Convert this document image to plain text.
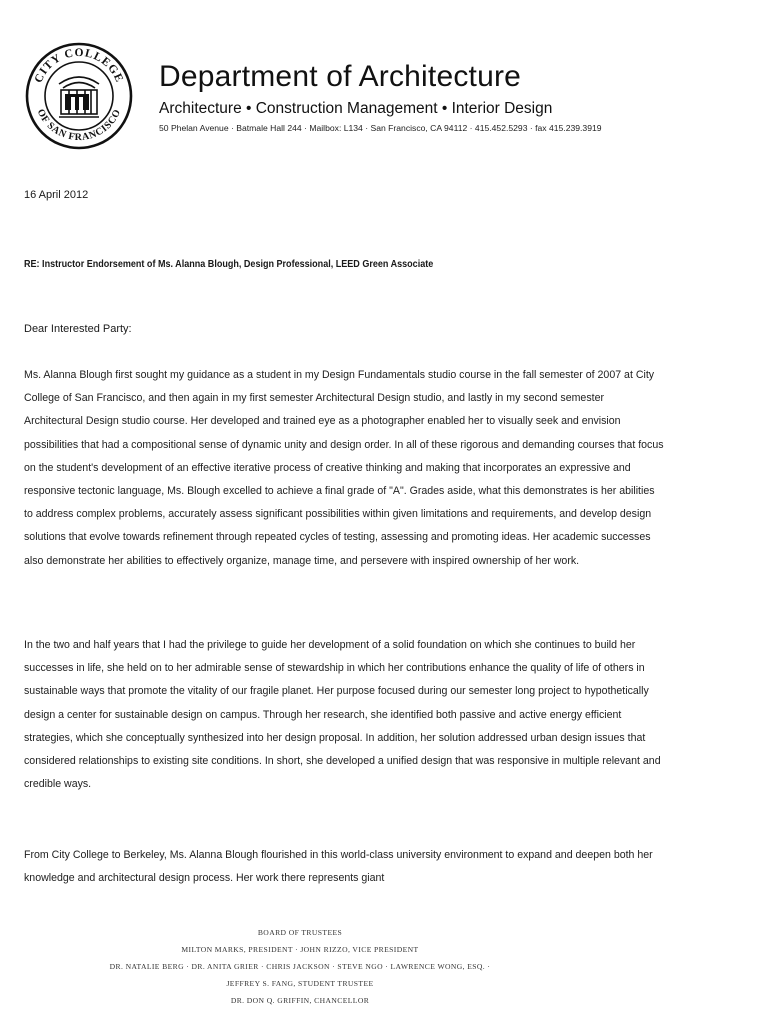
CITY COLLEGE
OF SAN FRANCISCO
Department of Architecture
Architecture • Construction Management • Interior Design
50 Phelan Avenue · Batmale Hall 244 · Mailbox: L134 · San Francisco, CA 94112 · 415.452.5293 · fax 415.239.3919
16 April 2012
RE: Instructor Endorsement of Ms. Alanna Blough, Design Professional, LEED Green Associate
Dear Interested Party:

Ms. Alanna Blough first sought my guidance as a student in my Design Fundamentals studio course in the fall semester of 2007 at City College of San Francisco, and then again in my first semester Architectural Design studio, and lastly in my second semester Architectural Design studio course. Her developed and trained eye as a photographer enabled her to visually seek and envision possibilities that had a compositional sense of dynamic unity and design order. In all of these rigorous and demanding courses that focus on the student's development of an effective iterative process of creative thinking and making that incorporates an expressive and responsive tectonic language, Ms. Blough excelled to achieve a final grade of "A". Grades aside, what this demonstrates is her abilities to address complex problems, accurately assess significant possibilities within given limitations and requirements, and develop design solutions that evolve towards refinement through repeated cycles of testing, assessing and promoting ideas. Her academic successes also demonstrate her abilities to effectively organize, manage time, and persevere with inspired ownership of her work.

In the two and half years that I had the privilege to guide her development of a solid foundation on which she continues to build her successes in life, she held on to her admirable sense of stewardship in which her contributions enhance the quality of life of others in sustainable ways that promote the vitality of our fragile planet. Her purpose focused during our semester long project to hypothetically design a center for sustainable design on campus. Through her research, she identified both passive and active energy efficient strategies, which she conceptually synthesized into her design proposal. In addition, her solution addressed urban design issues that considered relationships to existing site conditions. In short, she developed a unified design that was responsive in multiple relevant and credible ways.

From City College to Berkeley, Ms. Alanna Blough flourished in this world-class university environment to expand and deepen both her knowledge and architectural design process. Her work there represents giant

BOARD OF TRUSTEES
MILTON MARKS, PRESIDENT · JOHN RIZZO, VICE PRESIDENT
DR. NATALIE BERG · DR. ANITA GRIER · CHRIS JACKSON · STEVE NGO · LAWRENCE WONG, ESQ. ·
JEFFREY S. FANG, STUDENT TRUSTEE
DR. DON Q. GRIFFIN, CHANCELLOR
